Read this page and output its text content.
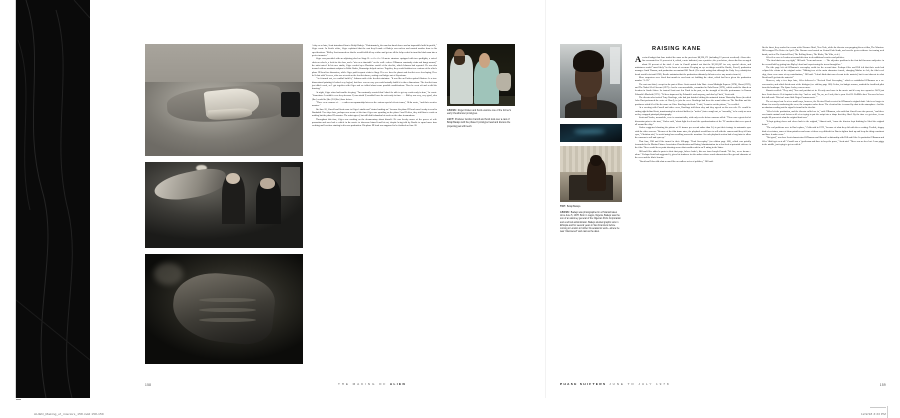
A day or so later, Scott introduced him to Bolaji Badejo. "Unfortunately, the man has knock knees and an impossible build in profile," Giger wrote. In Scott's office, Giger explained that the cast they'd made of Badejo was useless and wanted another done to his specifications. "Ridley Scott assured me that he would fulfil all my wishes and get me all the help needed to turn this black man into a perfect monster."

Giger was provided with an adjoining shed on Stage B—a 4 x 4 x 3.5-metre structure equipped with two spotlights, a swivel chair on wheels, a lock for the door, and a "nice new timetable" on the wall—where O'Bannon constantly visits and hangs around," the artist noted. In his new studio, Giger worked up a Plasticine model of the derelict, which Johnson had reported. He was also teamed with an assistant sculptor in Eddie Butler, Bonzanigo helped out too. Together, they would fashion two versions of the alien's phase III head for discussion, while Giger paid frequent visits to Stage H to see how the planet and derelict were developing. Here he'd chat with Veevers, who was at work on the derelict domes, cutting oval bulges out of Styrofoam.

"As it turned out, we couldn't build it," Johnson said of the derelict miniature. "It was like an Escher optical illusion. As a two-dimensional painting it looked very logical, but there was no way you could actually build it in three dimensions. The derelict form just didn't work, so I got together with Giger and we talked about some possible modifications. Then he went off and re-did the drawing."

At night, Giger often had trouble sleeping. "I'm constantly worried that I shan't be able to get my work ready in time," he wrote. "Sometimes I couldn't even sleep because I [was afraid I] wouldn't have the suit ready in time. . . . Ridley was very, very good, who [&c.] would be [&c.] I'd [&c.] done before.

"There were rumors of . . . a rather one-upmanship between the various special effects teams," Helin wrote, "and their creative masters."

On June 20, Carroll and Scott came to Giger's studio and "started rushing me" because his phase III head wasn't ready to send to Rambaldi. Two days later, perhaps now aware of the time Giger was spending on the phase I and II alien, they told him to work on nothing but the phase III monster. The artist agreed, but still didn't abandon his work on the other incarnations.

Throughout this time, Giger was working on the documentary about himself. He was keenly aware of the power of self-promotion and now had a vehicle in the movie to showcase himself and his art, despite being told by Brodie to spend more time working and less time starting in his own production. His phase III head was supposed to be finished on June 26.

ABOVE: Roger Dicken and Scott examine one of the former's early Chestburster prototypes.

LEFT: Producer Gordon Carroll and Scott look over a cast of Bolaji Badejo with the phase II prototype head and discuss the projecting jaw with teeth.

158	THE MAKING OF ALIEN
RAISING KANE

Arevised budget that June totaled the same as the previous: $8,296,172 (including 12 percent overhead). Above-the-line accounted for 21 percent of it, which, a note indicated, was a positive; the year before, above-the-line averaged about 28 percent of the total. A note in Carroll pointed out that the $3,261,687 for sets, special effects, and miniatures would "most likely" be the locus of overruns. Keeping an eye on things would be Brodie, Powell, production manager Garth Thomas, and production accountant Bill Finch. (It's worth noting that although the Eady Levy subsidy/tax break would exist until 1985, Brodie maintains that the production ultimately did not receive any monies from it.)

More carpenters were hired that month to accelerate set building the effort, which had been given the production number "A-39."

The cast was fitted, except for the part of Kane. Scott wanted John Hurt—from Midnight Express (1978), Shout (1978), and The Naked Civil Servant (1975)—but he was unavailable, committed to Zulu Dawn (1979), which would be filmed on location in South Africa. So instead Scott cast Jon Finch in the part, on the strength of his title performance in Roman Polanski's Macbeth (1971). "I'd been impressed by Polanski's work anyway, and also by Finch," Scott said.

The director also invited Terry Rawlings, who had just finished editing the animated feature Watership Down (in which John Hurt performed the voice of Hazel), to join the crew. Rawlings had been the sound editor on The Duellists and the producers asked if he'd do the same on Alien. Rawlings declined. "I said, 'I want to cut the picture,'" he recalled.

At a meeting with Carroll and other execs, Rawlings told them why and they agreed on his new role. He would be cutting right behind Scott, transforming his selected dailies (or "rushes") into a rough cut, or "assembly," to be ready as soon as they wrapped principal photography.

Scott and Vazlov, meanwhile, were in constant talks, with only weeks before cameras rolled. "There was a great deal of discussion prior to the start," Vazlov said, "about light levels and the synchronization of the TV monitors that were spaced all around the ship."

Vazlov suggested shooting the picture at 25 frames per second rather than 24, to put their footage in automatic sync with the video screens. "Because of the film frame rates, the playback would have to roll with the camera until they fell into sync," Christian said, "to avoid using bars scrolling across the monitors. So each playback section had a long intro to allow the cameras to roll and sync up."

That June, Hill and Giler turned in their 100-page "Final Screenplay" (an edition page 160), which was quickly forwarded to the Motion Picture Association Classification and Rating Administration for a first look at potential violence in the film. There would be no point shooting scenes that would result in an X rating in the States.

Hill and Giler added a quote to their first page, below Audre's, this one from Joseph Conrad: "We live, as we dream—alone." Perhaps Scott had suggested it, given his fondness for the author whose words characterized the general character of the crew and the film's heroine.

"David and I then did what seemed like an endless series of polishes," Hill said.

On the latest, they worked in a room at the Navarro Hotel, New York, while the director was prepping his next film, The Warriors. Hill swapped The Driver in April. (The Navarro was located on Central Park South, and was the go-to residence for touring rock bands, such as The Grateful Dead, The Rolling Stones, The Kinks, The Who, et al.)

Giler flew over to London at around this time to do additional rewrites and polishes.

"The final draft was very tight," Hill said. "Lean and mean. . . . The objective problem in the first half becomes subjective in the second half by getting into Ripley's head and experiencing the terror through her."

The title page left off O'Bannon's screenplay credit for the second time. Perhaps Giler and Hill felt that their work had eclipsed the efforts of the original writer. "Making two of the main characters female, changing Mother to Ash, the film's real edge, those were some of my contributions," Hill said. "I don't think that was relevant in the material, but it was inherent in what David and I got into the material."

However, only a few days later, Giler delivered a "Revised Final Screenplay," which re-established O'Bannon as a co-screenwriter, and which listed most of the dialogue (see sidebar, page 160). It also, for budget reasons, omitted the fossilized pilot from the landscape. The Space Jockey was no more.

Shusett recalled: "They said, 'You can't put that set in. It's only used once in the movie and it's way too expensive. We'll just have Scott shoot a 15-ft imprint in the clay.' And we said, 'No, no, no. Look, this is your Cecil B. DeMille shot. You need to have this full-scale. This isn't some little Roger Corman movie.'"

The set stayed out. In a few small ways, however, the Revised Final reverted to O'Bannon's original draft. Ash is no longer to blame for secretly awakening the crew; the computer wakes them. The electrical fire is caused by dust in the atmosphere. And the mechanism sending out the signal is found in the derelict.

"Giler left the production, and the director called me in," said O'Bannon, who said that Carroll was also present, "and there was frantic mutual work between all of us trying to put the script into a shape that they liked. By the time we got done, it was maybe 80 percent of what the original draft was."

"It kept getting closer and closer back to the original," Shusett said, "cause the director kept thinking he liked the original better."

"The real problems were in Dan's sphere," Cobb said in 1979, "because of what they did with the re-writing. Terrible, sloppy kind of revisions, some of them pointless and some of them very difficult for Dan to tighten back up and keep the thing consistent and have it make sense."

"Not good," was how Scott characterized O'Bannon and Shusett's relationship with Hill and Giler. In particular O'Bannon and Giler "didn't get on at all." Carroll was a "gentleman and there to keep the peace," Scott said. "There was no love lost. I was piggy in the middle, just trying to get on with it."

TOP: Bolaji Badejo.

ABOVE: Badejo was photographed in a Polaroid taken circa June 5, 1978. Born in Lagos, Nigeria, Badejo was the son of an attorney general of the Nigerian Ports Corporation and a school administrator. Badejo studied graphic arts in Ethiopia and for several years in San Francisco before coming to London to further his academic work—where he was "discovered" and cast as the alien.

PHASE SHIFTERS JUNE TO JULY 1978	159
ALIEN_Making_of_interiors_158.indd 158-159	12/2/18 3:33 PM
